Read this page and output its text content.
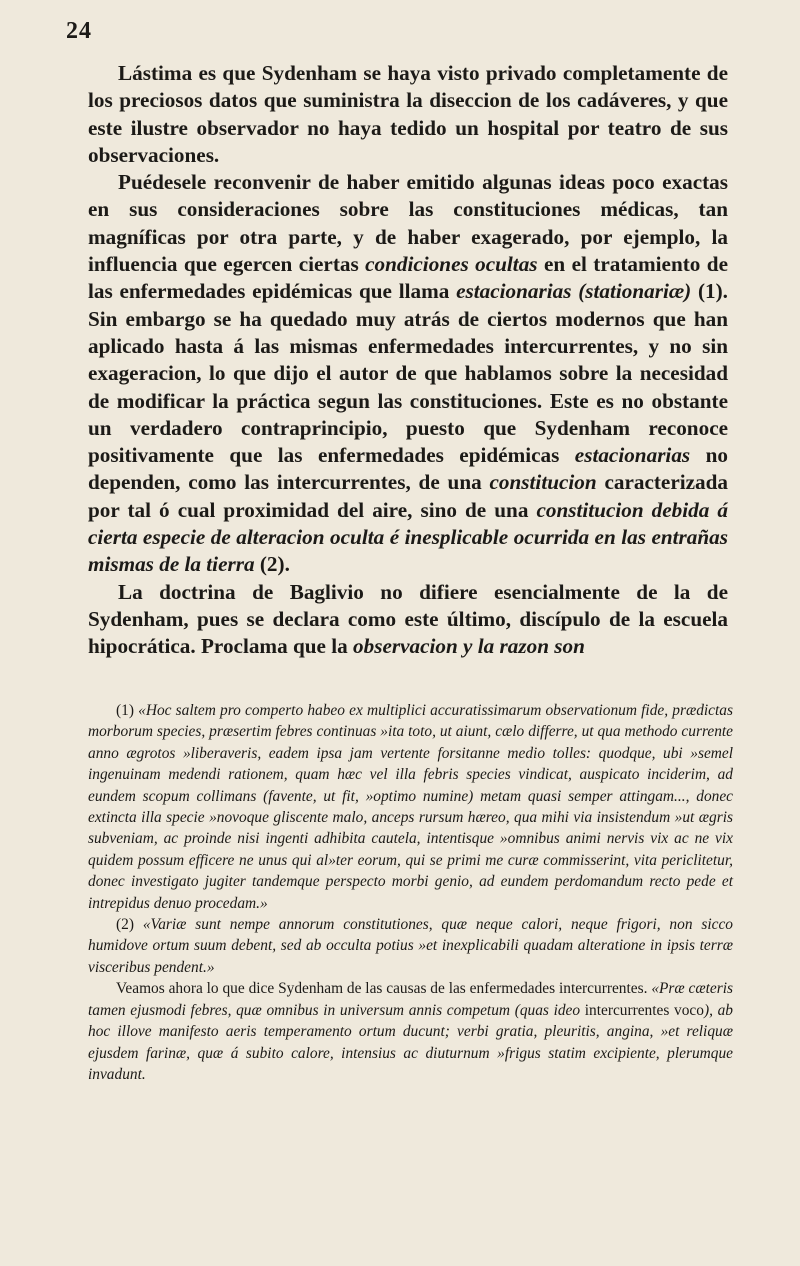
24

Lástima es que Sydenham se haya visto privado completamente de los preciosos datos que suministra la diseccion de los cadáveres, y que este ilustre observador no haya tedido un hospital por teatro de sus observaciones.

Puédesele reconvenir de haber emitido algunas ideas poco exactas en sus consideraciones sobre las constituciones médicas, tan magníficas por otra parte, y de haber exagerado, por ejemplo, la influencia que egercen ciertas condiciones ocultas en el tratamiento de las enfermedades epidémicas que llama estacionarias (stationariæ) (1). Sin embargo se ha quedado muy atrás de ciertos modernos que han aplicado hasta á las mismas enfermedades intercurrentes, y no sin exageracion, lo que dijo el autor de que hablamos sobre la necesidad de modificar la práctica segun las constituciones. Este es no obstante un verdadero contraprincipio, puesto que Sydenham reconoce positivamente que las enfermedades epidémicas estacionarias no dependen, como las intercurrentes, de una constitucion caracterizada por tal ó cual proximidad del aire, sino de una constitucion debida á cierta especie de alteracion oculta é inesplicable ocurrida en las entrañas mismas de la tierra (2).

La doctrina de Baglivio no difiere esencialmente de la de Sydenham, pues se declara como este último, discípulo de la escuela hipocrática. Proclama que la observacion y la razon son

(1) «Hoc saltem pro comperto habeo ex multiplici accuratissimarum observationum fide, prædictas morborum species, præsertim febres continuas »ita toto, ut aiunt, cælo differre, ut qua methodo currente anno ægrotos »liberaveris, eadem ipsa jam vertente forsitanne medio tolles: quodque, ubi »semel ingenuinam medendi rationem, quam hæc vel illa febris species vindicat, auspicato inciderim, ad eundem scopum collimans (favente, ut fit, »optimo numine) metam quasi semper attingam..., donec extincta illa specie »novoque gliscente malo, anceps rursum hæreo, qua mihi via insistendum »ut ægris subveniam, ac proinde nisi ingenti adhibita cautela, intentisque »omnibus animi nervis vix ac ne vix quidem possum efficere ne unus qui al»ter eorum, qui se primi me curæ commisserint, vita periclitetur, donec investigato jugiter tandemque perspecto morbi genio, ad eundem perdomandum recto pede et intrepidus denuo procedam.»

(2) «Variæ sunt nempe annorum constitutiones, quæ neque calori, neque frigori, non sicco humidove ortum suum debent, sed ab occulta potius »et inexplicabili quadam alteratione in ipsis terræ visceribus pendent.»

Veamos ahora lo que dice Sydenham de las causas de las enfermedades intercurrentes. «Præ cæteris tamen ejusmodi febres, quæ omnibus in universum annis competum (quas ideo intercurrentes voco), ab hoc illove manifesto aeris temperamento ortum ducunt; verbi gratia, pleuritis, angina, »et reliquæ ejusdem farinæ, quæ á subito calore, intensius ac diuturnum »frigus statim excipiente, plerumque invadunt.
